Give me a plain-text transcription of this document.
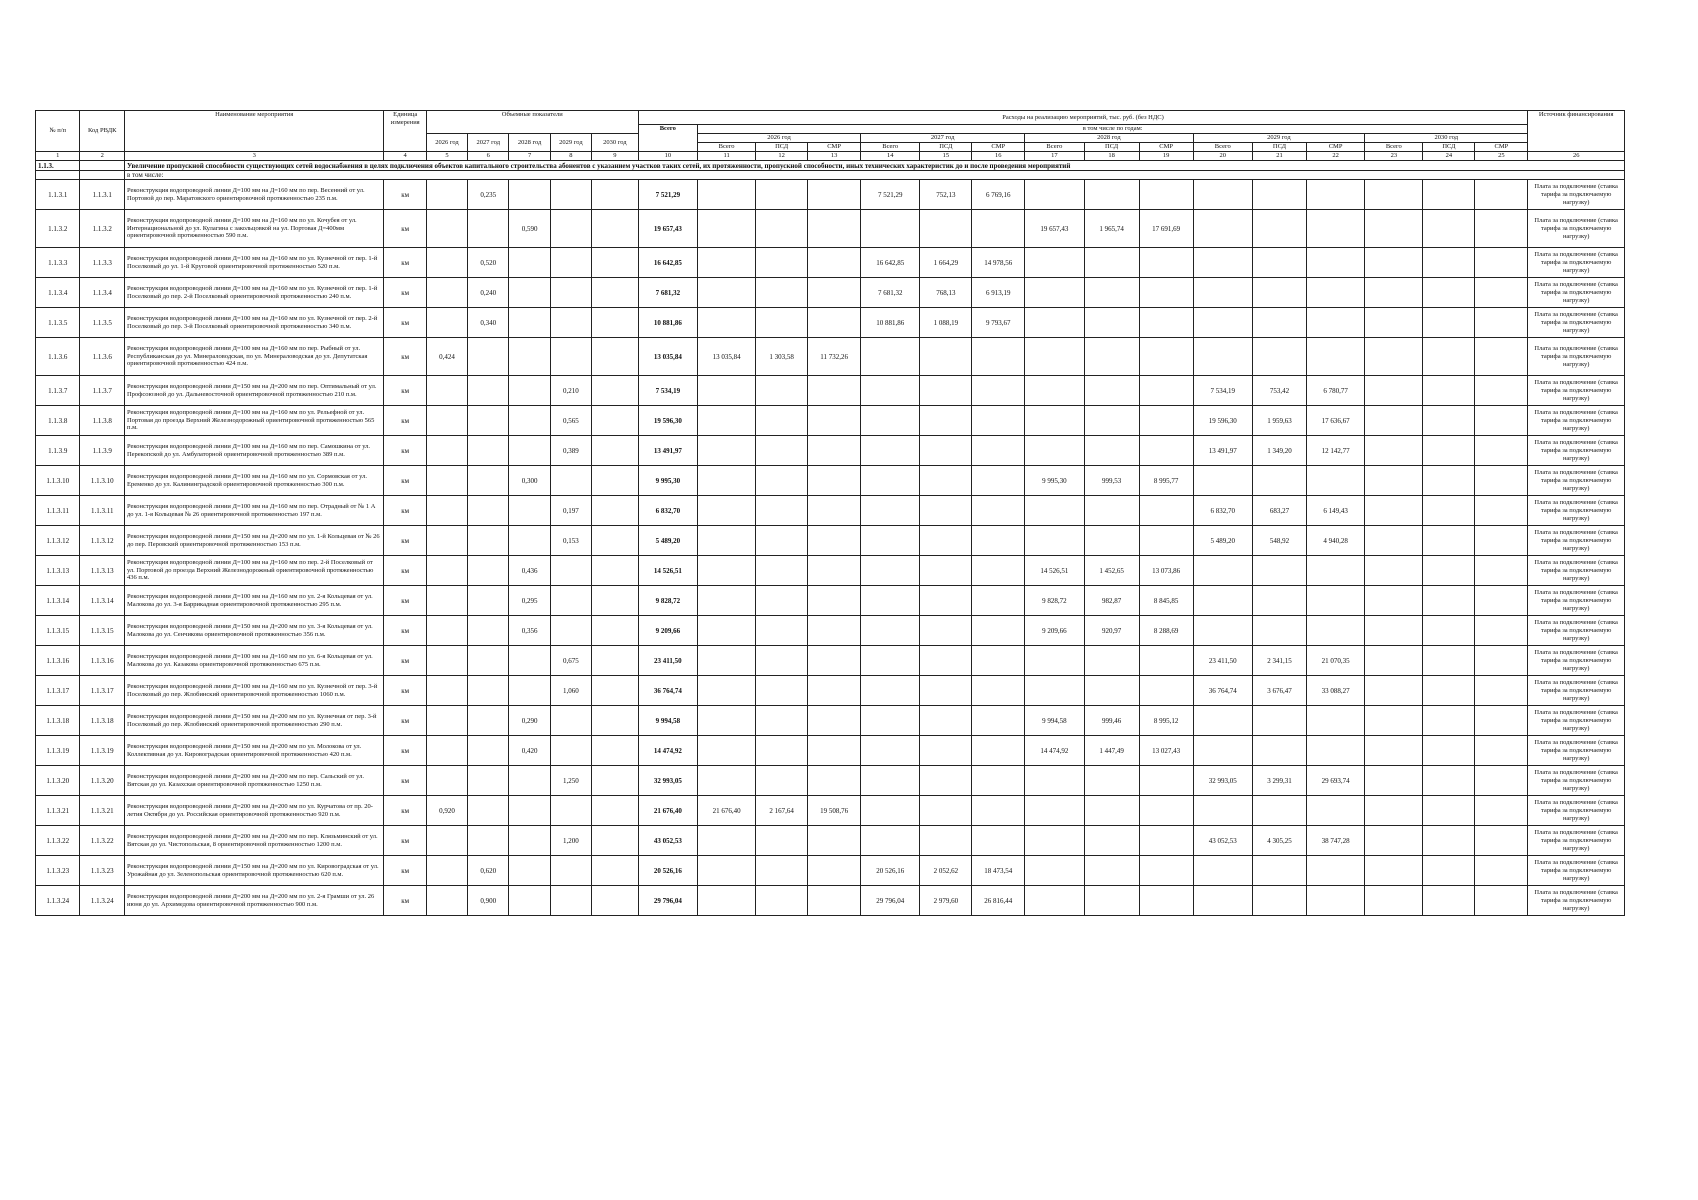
№ п/п	Код РВДК	Наименование мероприятия	Единица измерения	Объемные показатели					Расходы на реализацию мероприятий, тыс. руб. (без НДС)																Источник финансирования
									Всего	в том числе по годам:															
				2026 год	2027 год	2028 год	2029 год	2030 год		2026 год			2027 год			2028 год			2029 год			2030 год			
										Всего	ПСД	СМР	Всего	ПСД	СМР	Всего	ПСД	СМР	Всего	ПСД	СМР	Всего	ПСД	СМР	
1	2	3	4	5	6	7	8	9	10	11	12	13	14	15	16	17	18	19	20	21	22	23	24	25	26
1.1.3.		Увеличение пропускной способности существующих сетей водоснабжения в целях подключения объектов капитального строительства абонентов с указанием участков таких сетей, их протяженности, пропускной способности, иных технических характеристик до и после проведения мероприятий																							
		в том числе:																							
1.1.3.1	1.1.3.1	Реконструкция водопроводной линии Д=100 мм на Д=160 мм по пер. Весенний от ул. Портовой до пер. Маратовского ориентировочной протяженностью 235 п.м.	км		0,235				7 521,29				7 521,29	752,13	6 769,16										Плата за подключение (ставка тарифа за подключаемую нагрузку)
1.1.3.2	1.1.3.2	Реконструкция водопроводной линии Д=100 мм на Д=160 мм по ул. Кочубея от ул. Интернациональной до ул. Кулагина с закольцовкой на ул. Портовая Д=400мм ориентировочной протяженностью 590 п.м.	км			0,590			19 657,43							19 657,43	1 965,74	17 691,69							Плата за подключение (ставка тарифа за подключаемую нагрузку)
1.1.3.3	1.1.3.3	Реконструкция водопроводной линии Д=100 мм на Д=160 мм по ул. Кузнечной от пер. 1-й Поселковый до ул. 1-й Круговой ориентировочной протяженностью 520 п.м.	км		0,520				16 642,85				16 642,85	1 664,29	14 978,56										Плата за подключение (ставка тарифа за подключаемую нагрузку)
1.1.3.4	1.1.3.4	Реконструкция водопроводной линии Д=100 мм на Д=160 мм по ул. Кузнечной от пер. 1-й Поселковый до пер. 2-й Поселковый ориентировочной протяженностью 240 п.м.	км		0,240				7 681,32				7 681,32	768,13	6 913,19										Плата за подключение (ставка тарифа за подключаемую нагрузку)
1.1.3.5	1.1.3.5	Реконструкция водопроводной линии Д=100 мм на Д=160 мм по ул. Кузнечной от пер. 2-й Поселковый до пер. 3-й Поселковый ориентировочной протяженностью 340 п.м.	км		0,340				10 881,86				10 881,86	1 088,19	9 793,67										Плата за подключение (ставка тарифа за подключаемую нагрузку)
1.1.3.6	1.1.3.6	Реконструкция водопроводной линии Д=100 мм на Д=160 мм по пер. Рыбный от ул. Республиканская до ул. Минераловодская, по ул. Минераловодская до ул. Депутатская ориентировочной протяженностью 424 п.м.	км	0,424					13 035,84	13 035,84	1 303,58	11 732,26													Плата за подключение (ставка тарифа за подключаемую нагрузку)
1.1.3.7	1.1.3.7	Реконструкция водопроводной линии Д=150 мм на Д=200 мм по пер. Оптимальный от ул. Профсоюзной до ул. Дальневосточной ориентировочной протяженностью 210 п.м.	км				0,210		7 534,19										7 534,19	753,42	6 780,77				Плата за подключение (ставка тарифа за подключаемую нагрузку)
1.1.3.8	1.1.3.8	Реконструкция водопроводной линии Д=100 мм на Д=160 мм по ул. Рельефной от ул. Портовая до проезда Верхний Железнодорожный ориентировочной протяженностью 565 п.м.	км				0,565		19 596,30										19 596,30	1 959,63	17 636,67				Плата за подключение (ставка тарифа за подключаемую нагрузку)
1.1.3.9	1.1.3.9	Реконструкция водопроводной линии Д=100 мм на Д=160 мм по пер. Самошкина от ул. Перекопской до ул. Амбулаторной ориентировочной протяженностью 389 п.м.	км				0,389		13 491,97										13 491,97	1 349,20	12 142,77				Плата за подключение (ставка тарифа за подключаемую нагрузку)
1.1.3.10	1.1.3.10	Реконструкция водопроводной линии Д=100 мм на Д=160 мм по ул. Сормовская от ул. Еременко до ул. Калининградской ориентировочной протяженностью 300 п.м.	км			0,300			9 995,30							9 995,30	999,53	8 995,77							Плата за подключение (ставка тарифа за подключаемую нагрузку)
1.1.3.11	1.1.3.11	Реконструкция водопроводной линии Д=100 мм на Д=160 мм по пер. Отрадный от № 1 А до ул. 1-я Кольцевая № 26 ориентировочной протяженностью 197 п.м.	км				0,197		6 832,70										6 832,70	683,27	6 149,43				Плата за подключение (ставка тарифа за подключаемую нагрузку)
1.1.3.12	1.1.3.12	Реконструкция водопроводной линии Д=150 мм на Д=200 мм по ул. 1-й Кольцевая от № 26 до пер. Перовский ориентировочной протяженностью 153 п.м.	км				0,153		5 489,20										5 489,20	548,92	4 940,28				Плата за подключение (ставка тарифа за подключаемую нагрузку)
1.1.3.13	1.1.3.13	Реконструкция водопроводной линии Д=100 мм на Д=160 мм по пер. 2-й Поселковый от ул. Портовой до проезда Верхний Железнодорожный ориентировочной протяженностью 436 п.м.	км			0,436			14 526,51							14 526,51	1 452,65	13 073,86							Плата за подключение (ставка тарифа за подключаемую нагрузку)
1.1.3.14	1.1.3.14	Реконструкция водопроводной линии Д=100 мм на Д=160 мм по ул. 2-я Кольцевая от ул. Малокова до ул. 3-я Баррикадная ориентировочной протяженностью 295 п.м.	км			0,295			9 828,72							9 828,72	982,87	8 845,85							Плата за подключение (ставка тарифа за подключаемую нагрузку)
1.1.3.15	1.1.3.15	Реконструкция водопроводной линии Д=150 мм на Д=200 мм по ул. 3-я Кольцевая от ул. Малокова до ул. Сенчикова ориентировочной протяженностью 356 п.м.	км			0,356			9 209,66							9 209,66	920,97	8 288,69							Плата за подключение (ставка тарифа за подключаемую нагрузку)
1.1.3.16	1.1.3.16	Реконструкция водопроводной линии Д=100 мм на Д=160 мм по ул. 6-я Кольцевая от ул. Малокова до ул. Казакова ориентировочной протяженностью 675 п.м.	км				0,675		23 411,50										23 411,50	2 341,15	21 070,35				Плата за подключение (ставка тарифа за подключаемую нагрузку)
1.1.3.17	1.1.3.17	Реконструкция водопроводной линии Д=100 мм на Д=160 мм по ул. Кузнечной от пер. 3-й Поселковый до пер. Жлобинский ориентировочной протяженностью 1060 п.м.	км				1,060		36 764,74										36 764,74	3 676,47	33 088,27				Плата за подключение (ставка тарифа за подключаемую нагрузку)
1.1.3.18	1.1.3.18	Реконструкция водопроводной линии Д=150 мм на Д=200 мм по ул. Кузнечная от пер. 3-й Поселковый до пер. Жлобинский ориентировочной протяженностью 290 п.м.	км			0,290			9 994,58							9 994,58	999,46	8 995,12							Плата за подключение (ставка тарифа за подключаемую нагрузку)
1.1.3.19	1.1.3.19	Реконструкция водопроводной линии Д=150 мм на Д=200 мм по ул. Молокова от ул. Коллективная до ул. Кировоградская ориентировочной протяженностью 420 п.м.	км			0,420			14 474,92							14 474,92	1 447,49	13 027,43							Плата за подключение (ставка тарифа за подключаемую нагрузку)
1.1.3.20	1.1.3.20	Реконструкция водопроводной линии Д=200 мм на Д=200 мм по пер. Сальский от ул. Вятская до ул. Казахская ориентировочной протяженностью 1250 п.м.	км				1,250		32 993,05										32 993,05	3 299,31	29 693,74				Плата за подключение (ставка тарифа за подключаемую нагрузку)
1.1.3.21	1.1.3.21	Реконструкция водопроводной линии Д=200 мм на Д=200 мм по ул. Курчатова от пр. 20-летия Октября до ул. Российская ориентировочной протяженностью 920 п.м.	км	0,920					21 676,40	21 676,40	2 167,64	19 508,76													Плата за подключение (ставка тарифа за подключаемую нагрузку)
1.1.3.22	1.1.3.22	Реконструкция водопроводной линии Д=200 мм на Д=200 мм по пер. Клязьминский от ул. Вятская до ул. Чистопольская, 8 ориентировочной протяженностью 1200 п.м.	км				1,200		43 052,53										43 052,53	4 305,25	38 747,28				Плата за подключение (ставка тарифа за подключаемую нагрузку)
1.1.3.23	1.1.3.23	Реконструкция водопроводной линии Д=150 мм на Д=200 мм по ул. Кировоградская от ул. Урожайная до ул. Зеленопольская ориентировочной протяженностью 620 п.м.	км		0,620				20 526,16				20 526,16	2 052,62	18 473,54										Плата за подключение (ставка тарифа за подключаемую нагрузку)
1.1.3.24	1.1.3.24	Реконструкция водопроводной линии Д=200 мм на Д=200 мм по ул. 2-я Грамши от ул. 26 июня до ул. Архимедова ориентировочной протяженностью 900 п.м.	км		0,900				29 796,04				29 796,04	2 979,60	26 816,44										Плата за подключение (ставка тарифа за подключаемую нагрузку)
